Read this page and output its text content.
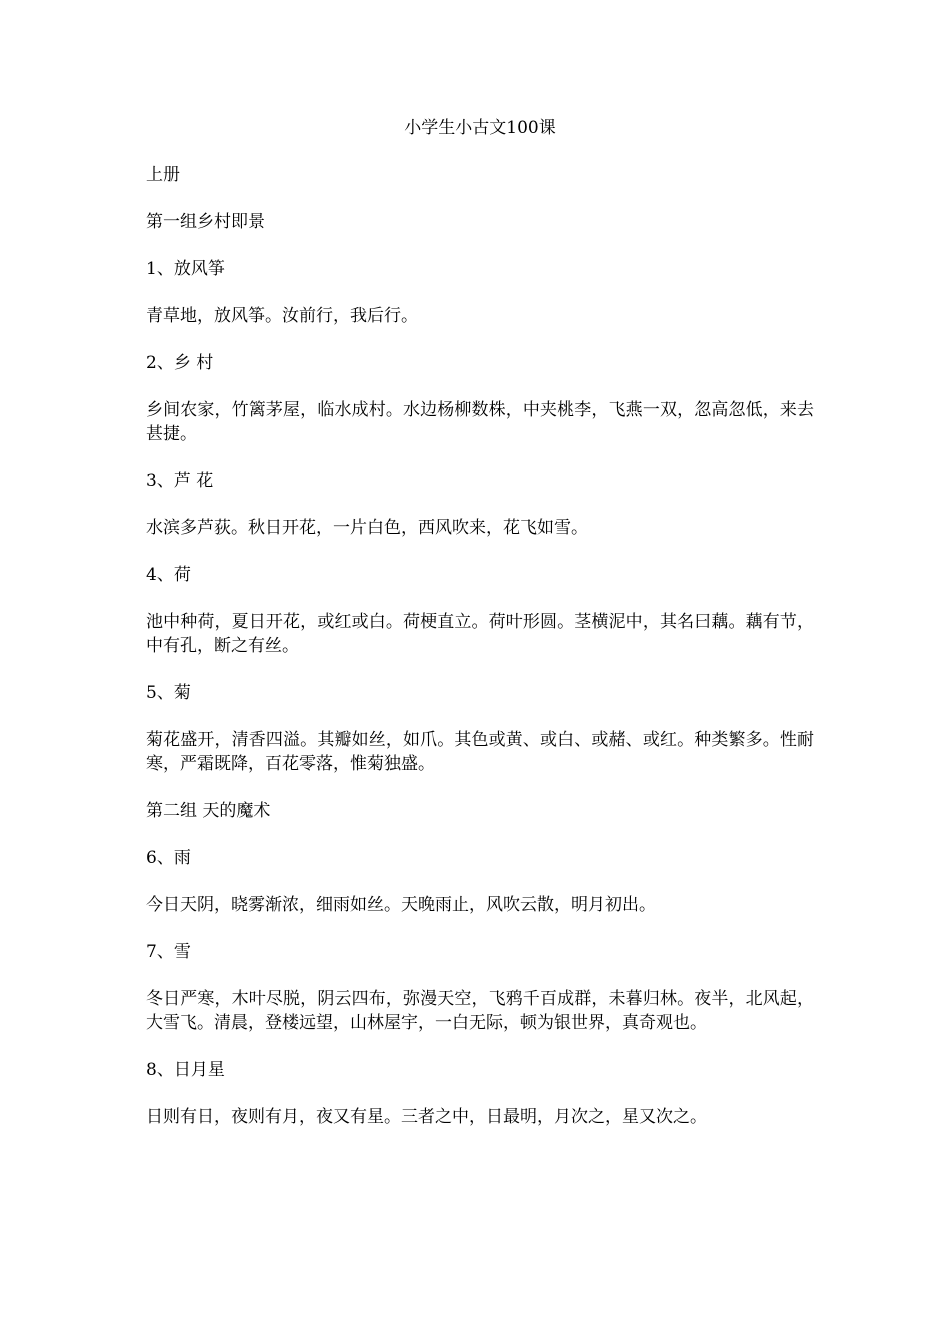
小学生小古文100课
上册
第一组乡村即景
1、放风筝
青草地，放风筝。汝前行，我后行。
2、乡 村
乡间农家，竹篱茅屋，临水成村。水边杨柳数株，中夹桃李，飞燕一双，忽高忽低，来去甚捷。
3、芦 花
水滨多芦荻。秋日开花，一片白色，西风吹来，花飞如雪。
4、荷
池中种荷，夏日开花，或红或白。荷梗直立。荷叶形圆。茎横泥中，其名曰藕。藕有节，中有孔，断之有丝。
5、菊
菊花盛开，清香四溢。其瓣如丝，如爪。其色或黄、或白、或赭、或红。种类繁多。性耐寒，严霜既降，百花零落，惟菊独盛。
第二组 天的魔术
6、雨
今日天阴，晓雾渐浓，细雨如丝。天晚雨止，风吹云散，明月初出。
7、雪
冬日严寒，木叶尽脱，阴云四布，弥漫天空，飞鸦千百成群，未暮归林。夜半，北风起，大雪飞。清晨，登楼远望，山林屋宇，一白无际，顿为银世界，真奇观也。
8、日月星
日则有日，夜则有月，夜又有星。三者之中，日最明，月次之，星又次之。
